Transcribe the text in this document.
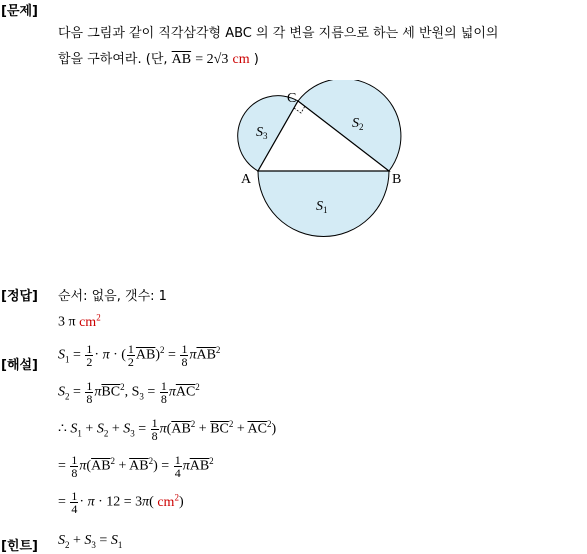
[문제]
다음 그림과 같이 직각삼각형 ABC 의 각 변을 지름으로 하는 세 반원의 넓이의
합을 구하여라. (단, $\overline{AB} = 2√3$ cm )
A	B
C
$S_1$
$S_2$
$S_3$
[정답] 순서: 없음, 갯수: 1
3 π $cm^2$
[해설]
$S_1 = \frac{1}{2} \cdot \pi$ · ( $\frac{1}{2} \overline{AB})^2 = \frac{1}{8} \pi\overline{AB}^2$
$S_2 = \frac{1}{8} \pi\overline{BC}^2$, $S_3 = \frac{1}{8} \pi\overline{AC}^2$
∴ $S_1 + S_2 + S_3 = \frac{1}{8} \pi(\overline{AB}^2 + \overline{BC}^2 + \overline{AC}^2)$
= $\frac{1}{8} \pi(\overline{AB}^2 + \overline{AB}^2) = \frac{1}{4} \pi\overline{AB}^2$
= $\frac{1}{4} \cdot \pi \cdot 12 = 3\pi$( $cm^2$)
[힌트] $S_2 + S_3 = S_1$
